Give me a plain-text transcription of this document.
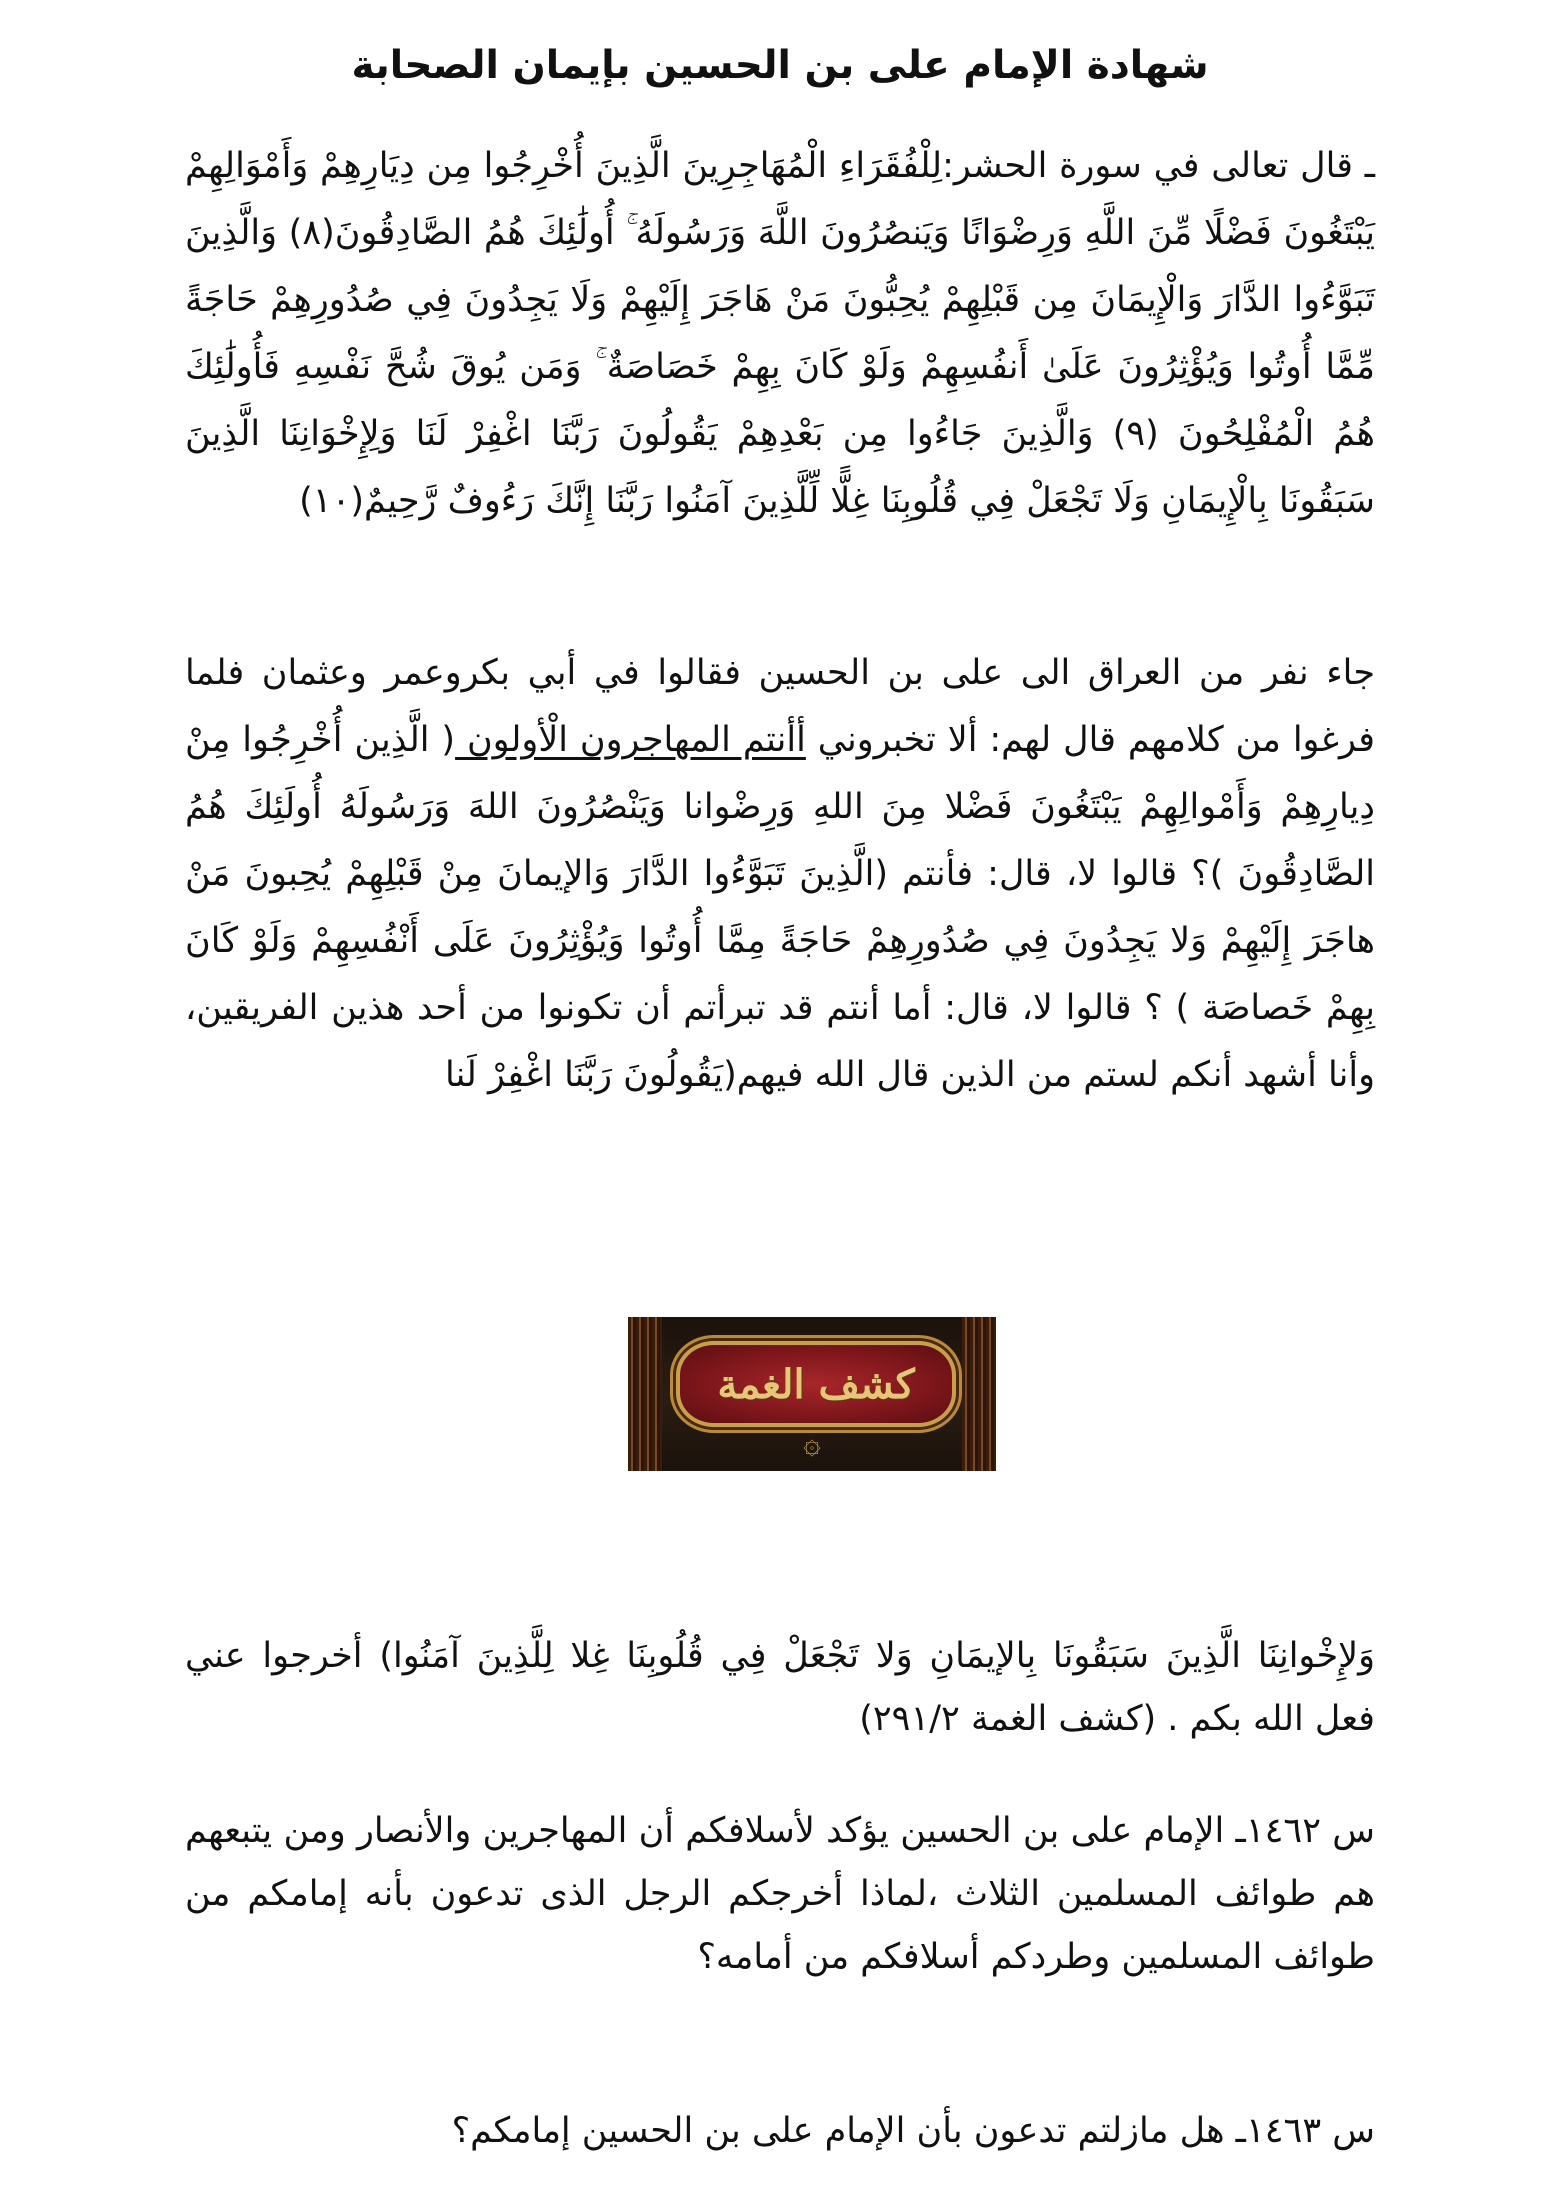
شهادة الإمام على بن الحسين بإيمان الصحابة

ـ قال تعالى في سورة الحشر:لِلْفُقَرَاءِ الْمُهَاجِرِينَ الَّذِينَ أُخْرِجُوا مِن دِيَارِهِمْ وَأَمْوَالِهِمْ يَبْتَغُونَ فَضْلًا مِّنَ اللَّهِ وَرِضْوَانًا وَيَنصُرُونَ اللَّهَ وَرَسُولَهُ ۚ أُولَٰئِكَ هُمُ الصَّادِقُونَ(٨) وَالَّذِينَ تَبَوَّءُوا الدَّارَ وَالْإِيمَانَ مِن قَبْلِهِمْ يُحِبُّونَ مَنْ هَاجَرَ إِلَيْهِمْ وَلَا يَجِدُونَ فِي صُدُورِهِمْ حَاجَةً مِّمَّا أُوتُوا وَيُؤْثِرُونَ عَلَىٰ أَنفُسِهِمْ وَلَوْ كَانَ بِهِمْ خَصَاصَةٌ ۚ وَمَن يُوقَ شُحَّ نَفْسِهِ فَأُولَٰئِكَ هُمُ الْمُفْلِحُونَ (٩) وَالَّذِينَ جَاءُوا مِن بَعْدِهِمْ يَقُولُونَ رَبَّنَا اغْفِرْ لَنَا وَلِإِخْوَانِنَا الَّذِينَ سَبَقُونَا بِالْإِيمَانِ وَلَا تَجْعَلْ فِي قُلُوبِنَا غِلًّا لِّلَّذِينَ آمَنُوا رَبَّنَا إِنَّكَ رَءُوفٌ رَّحِيمٌ(١٠)

جاء نفر من العراق الى على بن الحسين فقالوا في أبي بكروعمر وعثمان فلما فرغوا من كلامهم قال لهم: ألا تخبروني أأنتم المهاجرون الْأولون ( الَّذِين أُخْرِجُوا مِنْ دِيارِهِمْ وَأَمْوالِهِمْ يَبْتَغُونَ فَضْلا مِنَ اللهِ وَرِضْوانا وَيَنْصُرُونَ اللهَ وَرَسُولَهُ أُولَئِكَ هُمُ الصَّادِقُونَ )؟ قالوا لا، قال: فأنتم (الَّذِينَ تَبَوَّءُوا الدَّارَ وَالإيمانَ مِنْ قَبْلِهِمْ يُحِبونَ مَنْ هاجَرَ إِلَيْهِمْ وَلا يَجِدُونَ فِي صُدُورِهِمْ حَاجَةً مِمَّا أُوتُوا وَيُؤْثِرُونَ عَلَى أَنْفُسِهِمْ وَلَوْ كَانَ بِهِمْ خَصاصَة ) ؟ قالوا لا، قال: أما أنتم قد تبرأتم أن تكونوا من أحد هذين الفريقين، وأنا أشهد أنكم لستم من الذين قال الله فيهم(يَقُولُونَ رَبَّنَا اغْفِرْ لَنا

وَلإِخْوانِنَا الَّذِينَ سَبَقُونَا بِالإيمَانِ وَلا تَجْعَلْ فِي قُلُوبِنَا غِلا لِلَّذِينَ آمَنُوا) أخرجوا عني فعل الله بكم . (كشف الغمة ٢٩١/٢)

س ١٤٦٢ـ الإمام على بن الحسين يؤكد لأسلافكم أن المهاجرين والأنصار ومن يتبعهم هم طوائف المسلمين الثلاث ،لماذا أخرجكم الرجل الذى تدعون بأنه إمامكم من طوائف المسلمين وطردكم أسلافكم من أمامه؟

س ١٤٦٣ـ هل مازلتم تدعون بأن الإمام على بن الحسين إمامكم؟

كشف الغمة
۞
